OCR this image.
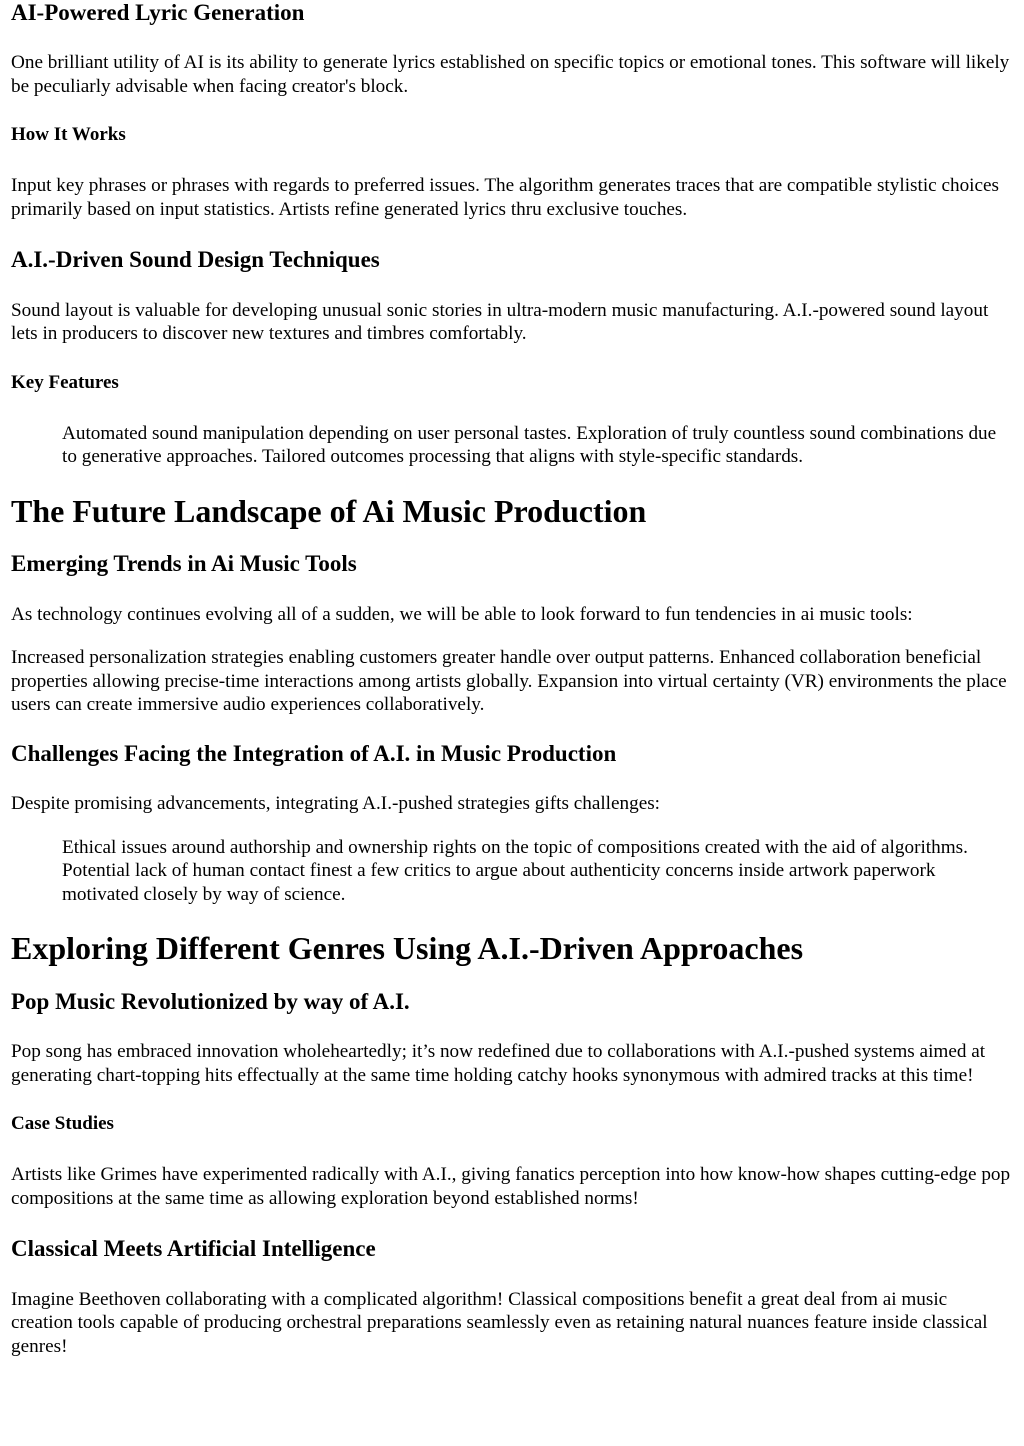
AI-Powered Lyric Generation

One brilliant utility of AI is its ability to generate lyrics established on specific topics or emotional tones. This software will likely be peculiarly advisable when facing creator's block.

How It Works

Input key phrases or phrases with regards to preferred issues. The algorithm generates traces that are compatible stylistic choices primarily based on input statistics. Artists refine generated lyrics thru exclusive touches.

A.I.-Driven Sound Design Techniques

Sound layout is valuable for developing unusual sonic stories in ultra-modern music manufacturing. A.I.-powered sound layout lets in producers to discover new textures and timbres comfortably.

Key Features
Automated sound manipulation depending on user personal tastes. Exploration of truly countless sound combinations due to generative approaches. Tailored outcomes processing that aligns with style-specific standards.
The Future Landscape of Ai Music Production
Emerging Trends in Ai Music Tools

As technology continues evolving all of a sudden, we will be able to look forward to fun tendencies in ai music tools:

Increased personalization strategies enabling customers greater handle over output patterns. Enhanced collaboration beneficial properties allowing precise-time interactions among artists globally. Expansion into virtual certainty (VR) environments the place users can create immersive audio experiences collaboratively.

Challenges Facing the Integration of A.I. in Music Production

Despite promising advancements, integrating A.I.-pushed strategies gifts challenges:

Ethical issues around authorship and ownership rights on the topic of compositions created with the aid of algorithms. Potential lack of human contact finest a few critics to argue about authenticity concerns inside artwork paperwork motivated closely by way of science.
Exploring Different Genres Using A.I.-Driven Approaches
Pop Music Revolutionized by way of A.I.

Pop song has embraced innovation wholeheartedly; it’s now redefined due to collaborations with A.I.-pushed systems aimed at generating chart-topping hits effectually at the same time holding catchy hooks synonymous with admired tracks at this time!

Case Studies

Artists like Grimes have experimented radically with A.I., giving fanatics perception into how know-how shapes cutting-edge pop compositions at the same time as allowing exploration beyond established norms!

Classical Meets Artificial Intelligence

Imagine Beethoven collaborating with a complicated algorithm! Classical compositions benefit a great deal from ai music creation tools capable of producing orchestral preparations seamlessly even as retaining natural nuances feature inside classical genres!
